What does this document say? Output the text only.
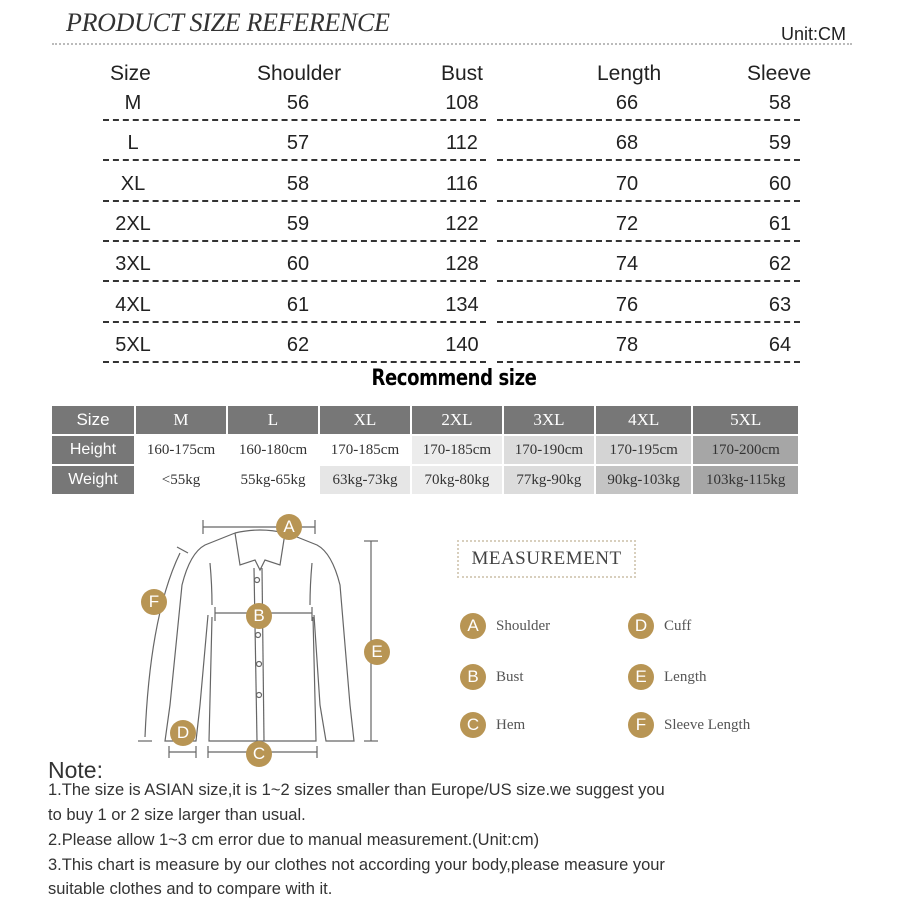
PRODUCT SIZE REFERENCE	Unit:CM
Size	Shoulder	Bust	Length	Sleeve
M	56	108	66	58
L	57	112	68	59
XL	58	116	70	60
2XL	59	122	72	61
3XL	60	128	74	62
4XL	61	134	76	63
5XL	62	140	78	64
Recommend size
Size	M	L	XL	2XL	3XL	4XL	5XL
Height	160-175cm	160-180cm	170-185cm	170-185cm	170-190cm	170-195cm	170-200cm
Weight	<55kg	55kg-65kg	63kg-73kg	70kg-80kg	77kg-90kg	90kg-103kg	103kg-115kg
A
B
C
D
E
F
MEASUREMENT
A	Shoulder
B	Bust
C	Hem
D	Cuff
E	Length
F	Sleeve Length
Note:
1.The size is ASIAN size,it is 1~2 sizes smaller than Europe/US size.we suggest you
to buy 1 or 2 size larger than usual.
2.Please allow 1~3 cm error due to manual measurement.(Unit:cm)
3.This chart is measure by our clothes not according your body,please measure your
suitable clothes and to compare with it.
